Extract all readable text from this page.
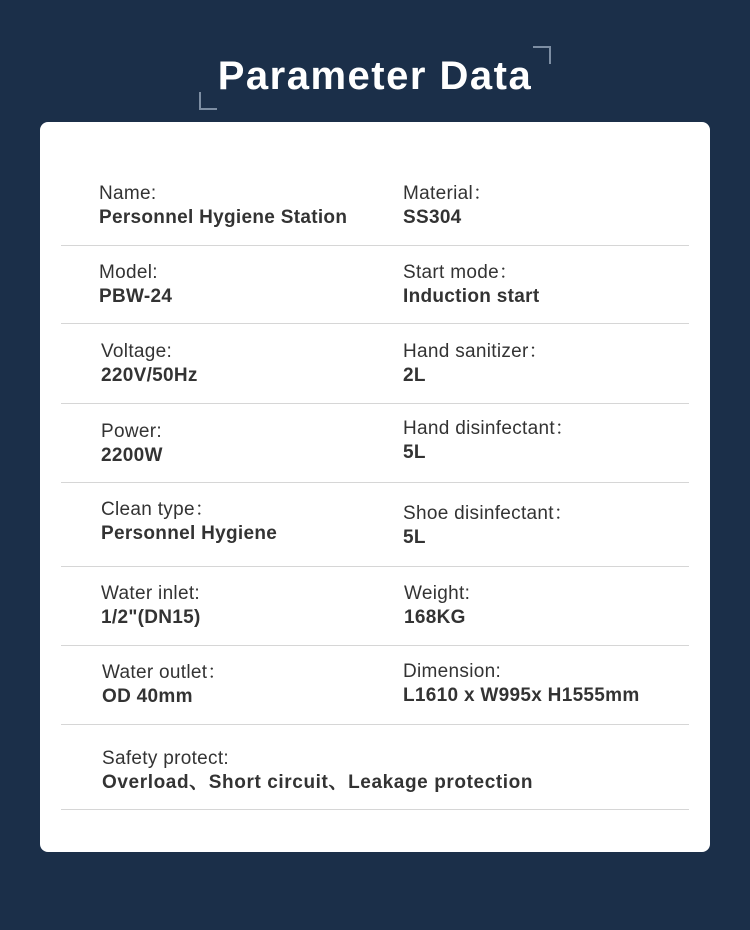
Parameter Data
Name:
Personnel Hygiene Station
Material：
SS304
Model:
PBW-24
Start mode：
Induction start
Voltage:
220V/50Hz
Hand sanitizer：
2L
Power:
2200W
Hand disinfectant：
5L
Clean type：
Personnel Hygiene
Shoe disinfectant：
5L
Water inlet:
1/2"(DN15)
Weight:
168KG
Water outlet：
OD 40mm
Dimension:
L1610 x W995x H1555mm
Safety protect:
Overload、Short circuit、Leakage protection
